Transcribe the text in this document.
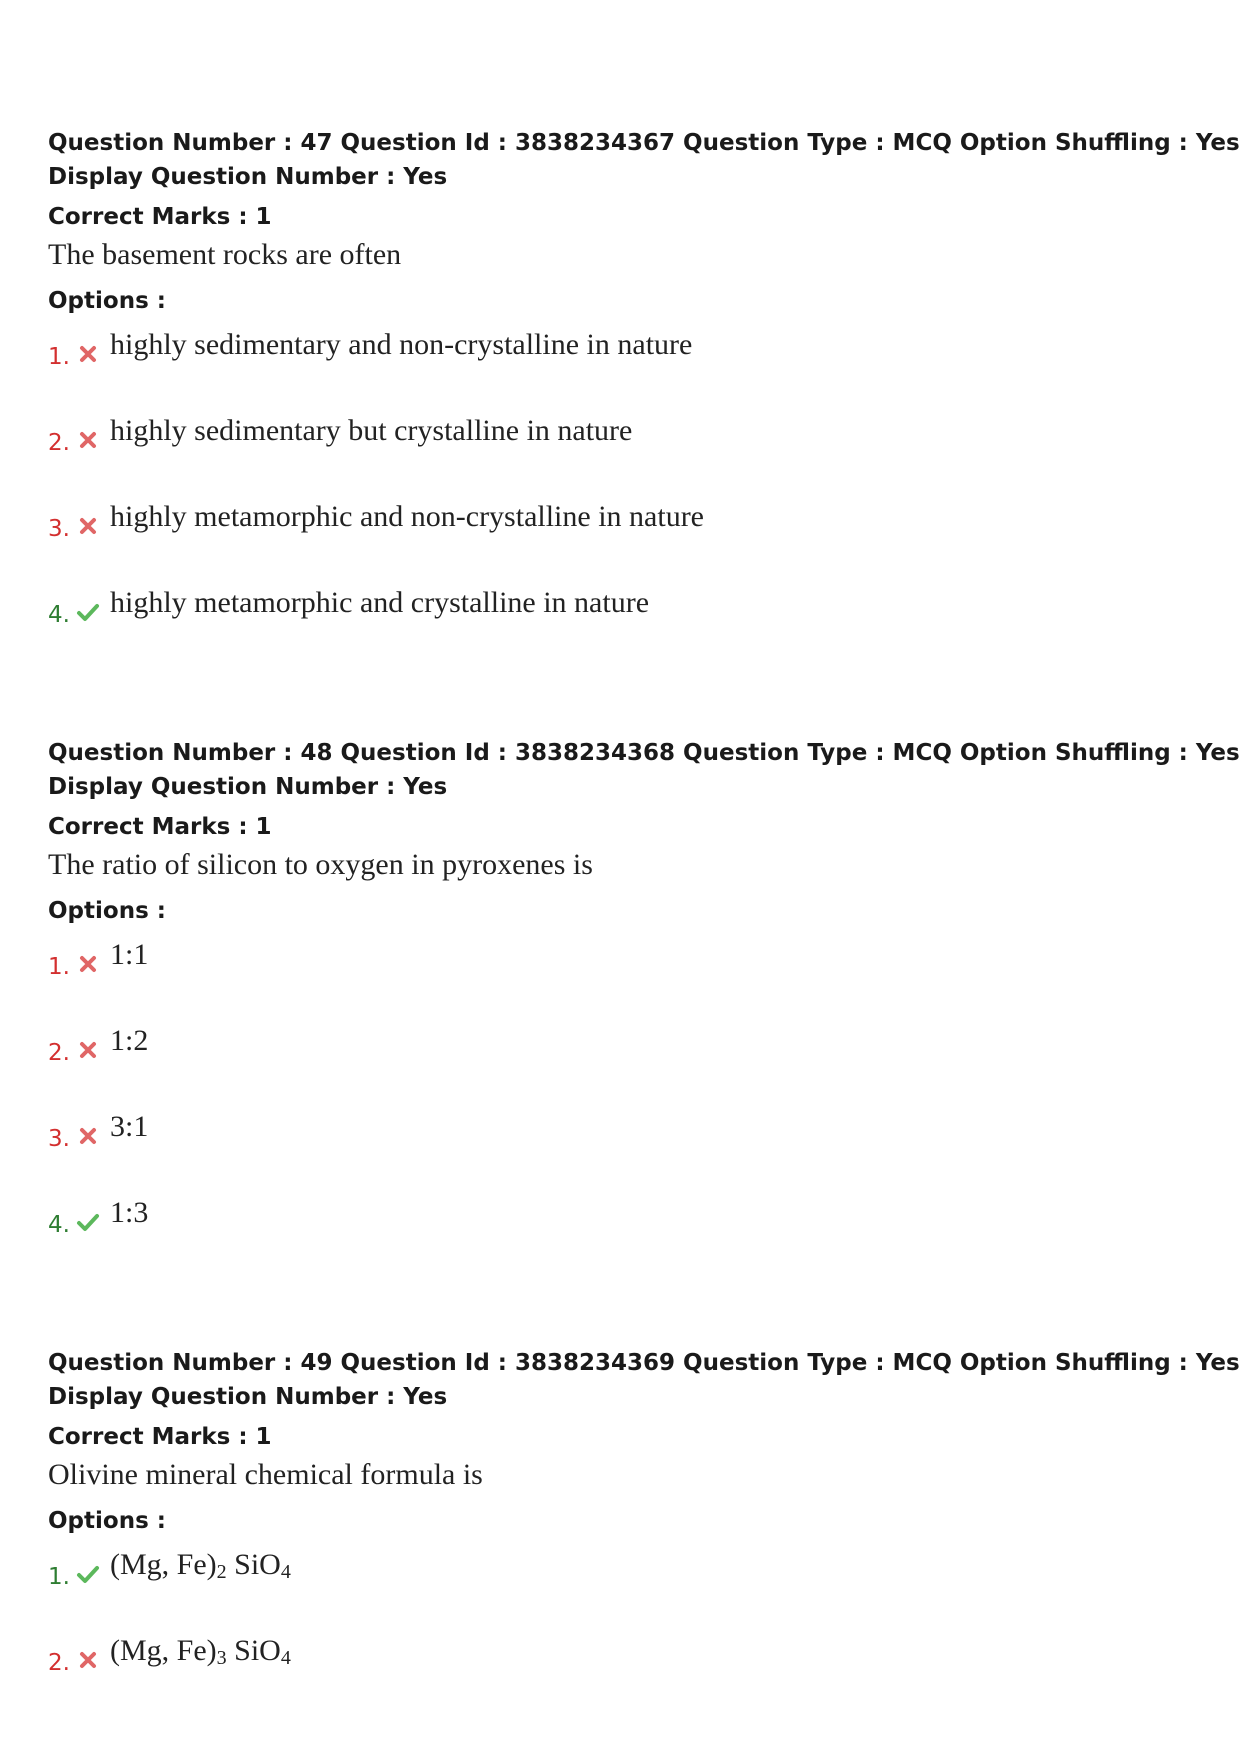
Question Number : 47 Question Id : 3838234367 Question Type : MCQ Option Shuffling : Yes
Display Question Number : Yes
Correct Marks : 1
The basement rocks are often
Options :
1. highly sedimentary and non-crystalline in nature
2. highly sedimentary but crystalline in nature
3. highly metamorphic and non-crystalline in nature
4. highly metamorphic and crystalline in nature
Question Number : 48 Question Id : 3838234368 Question Type : MCQ Option Shuffling : Yes
Display Question Number : Yes
Correct Marks : 1
The ratio of silicon to oxygen in pyroxenes is
Options :
1. 1:1
2. 1:2
3. 3:1
4. 1:3
Question Number : 49 Question Id : 3838234369 Question Type : MCQ Option Shuffling : Yes
Display Question Number : Yes
Correct Marks : 1
Olivine mineral chemical formula is
Options :
1. (Mg, $Fe)_2$ SiO$_4$
2. (Mg, $Fe)_3$ SiO$_4$
